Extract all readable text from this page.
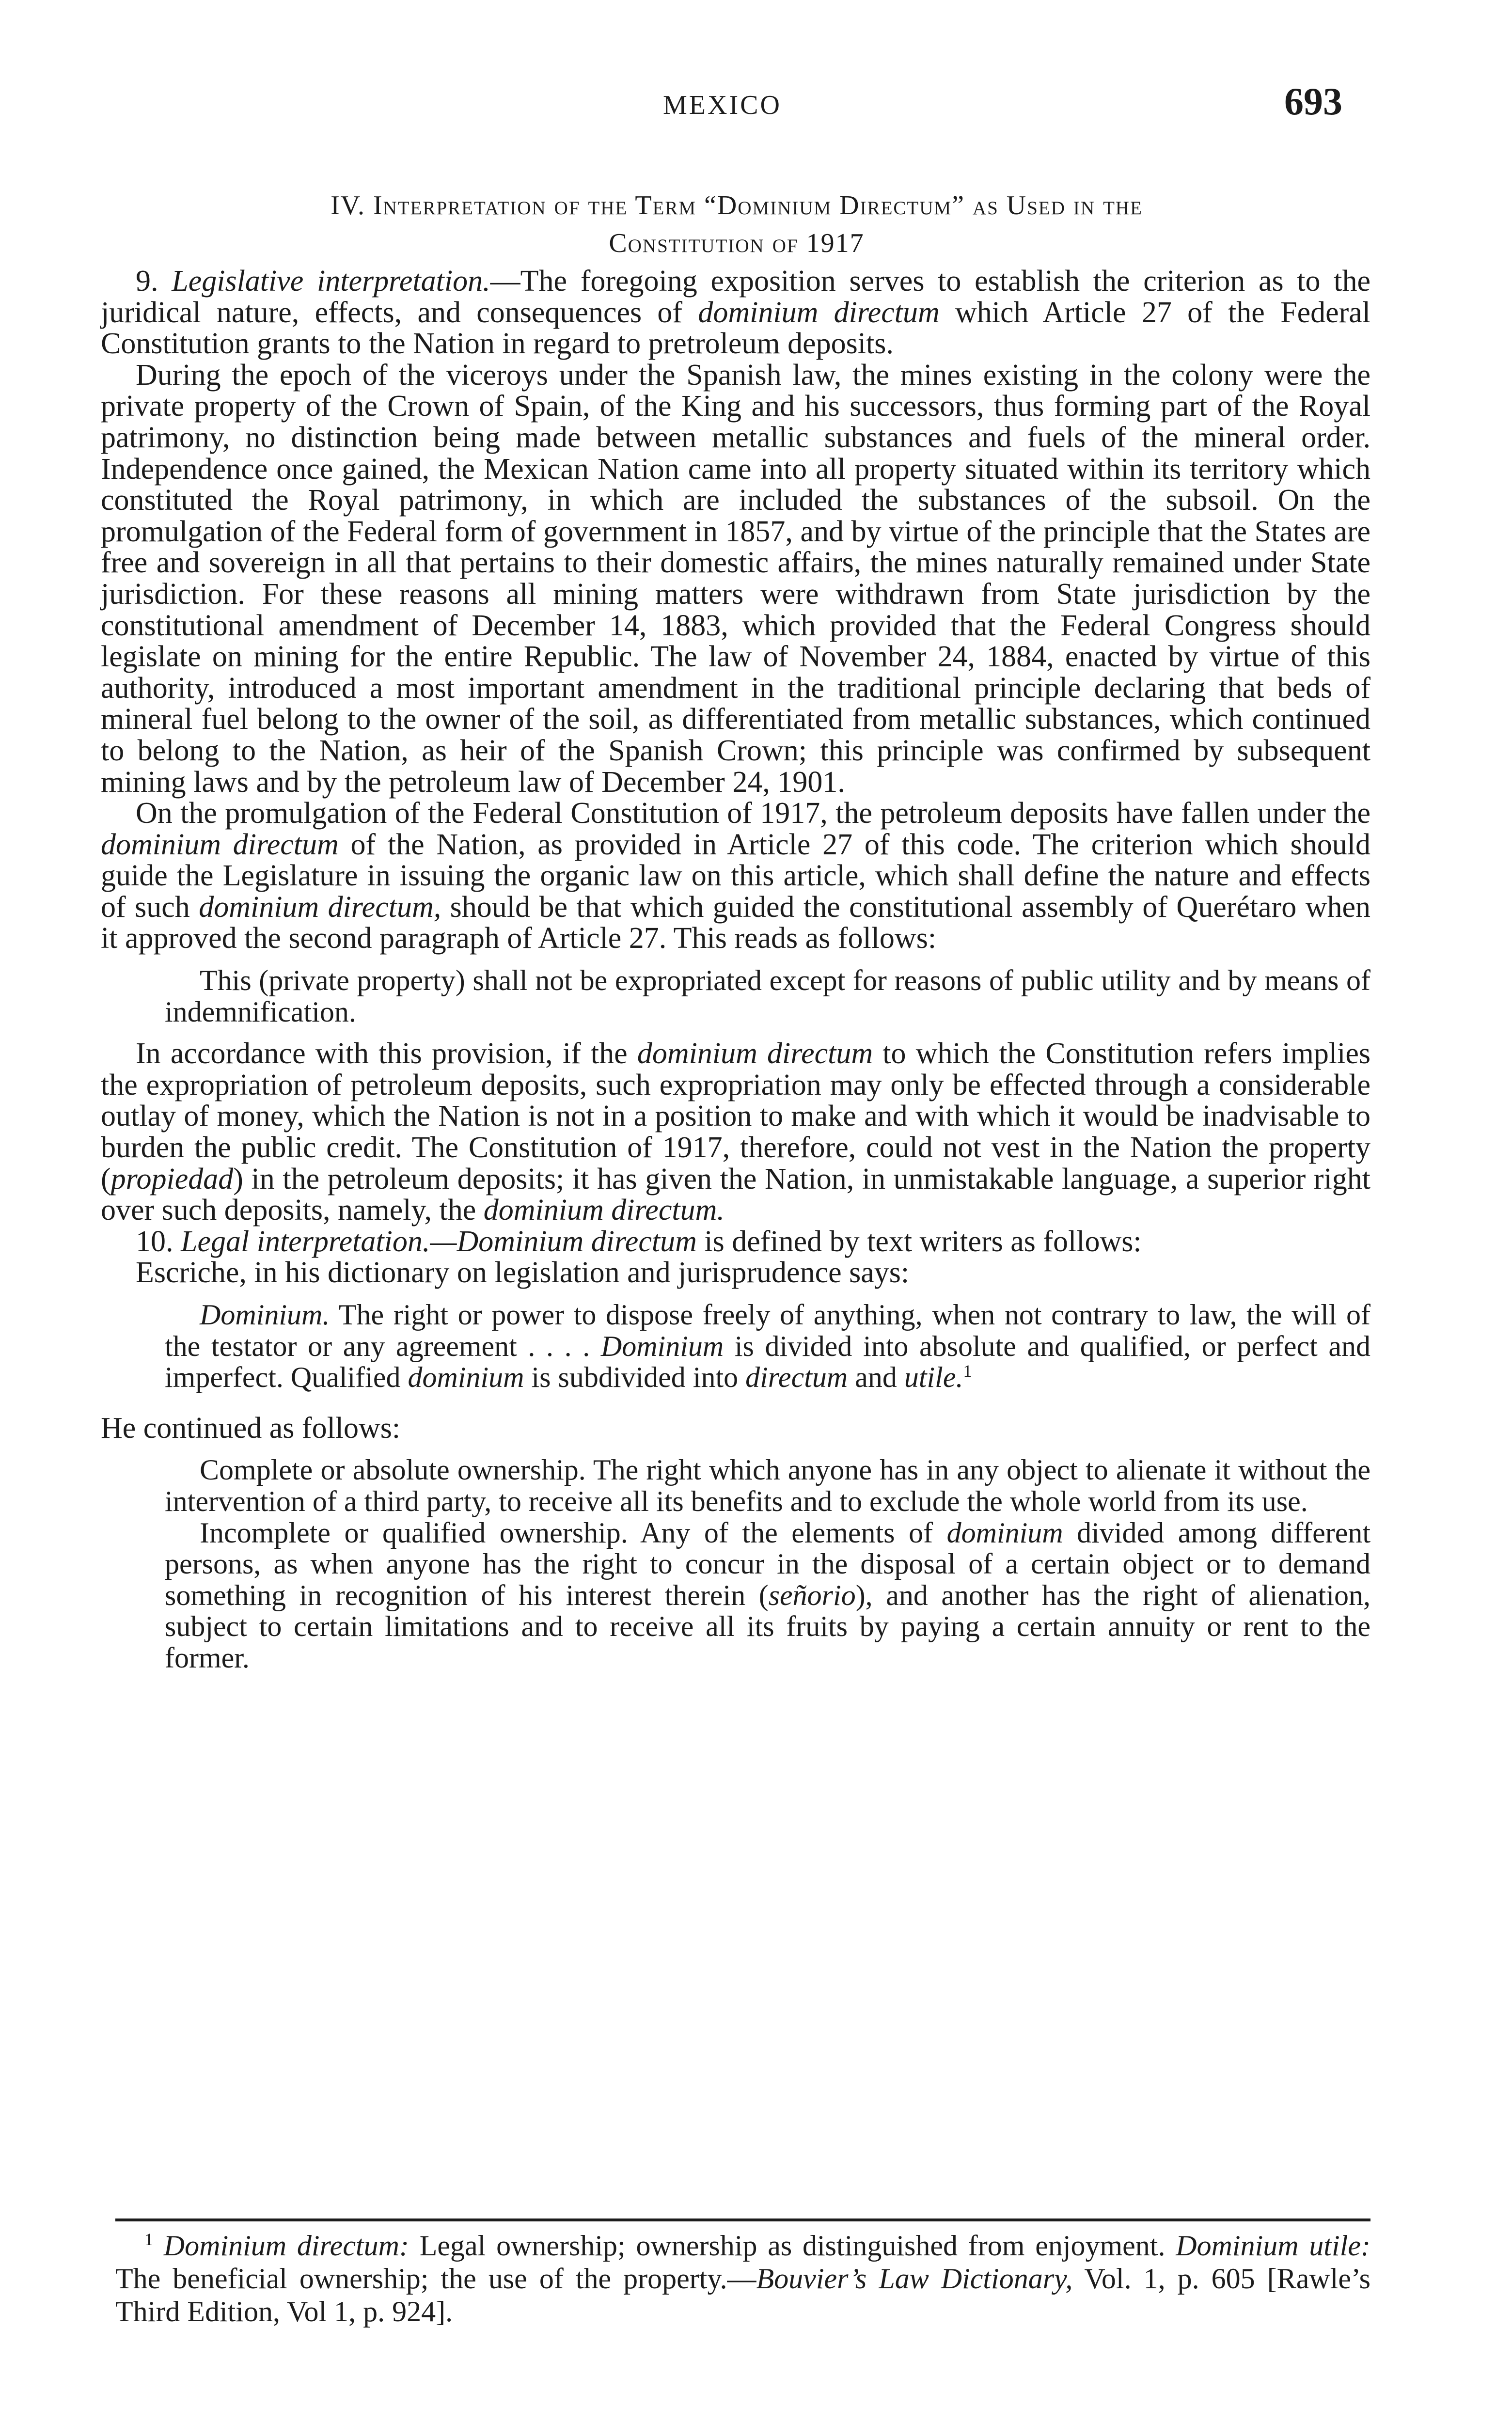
MEXICO	693
IV. Interpretation of the Term “Dominium Directum” as Used in the
Constitution of 1917

9. Legislative interpretation.—The foregoing exposition serves to establish the criterion as to the juridical nature, effects, and consequences of dominium directum which Article 27 of the Federal Constitution grants to the Nation in regard to pretroleum deposits.

During the epoch of the viceroys under the Spanish law, the mines existing in the colony were the private property of the Crown of Spain, of the King and his successors, thus forming part of the Royal patrimony, no distinction being made between metallic substances and fuels of the mineral order. Independence once gained, the Mexican Nation came into all property situated within its territory which constituted the Royal patrimony, in which are included the substances of the subsoil. On the promulgation of the Federal form of government in 1857, and by virtue of the principle that the States are free and sovereign in all that pertains to their domestic affairs, the mines naturally remained under State jurisdiction. For these reasons all mining matters were withdrawn from State jurisdiction by the constitutional amendment of December 14, 1883, which provided that the Federal Congress should legislate on mining for the entire Republic. The law of November 24, 1884, enacted by virtue of this authority, introduced a most important amendment in the traditional principle declaring that beds of mineral fuel belong to the owner of the soil, as differentiated from metallic substances, which continued to belong to the Nation, as heir of the Spanish Crown; this principle was confirmed by subsequent mining laws and by the petroleum law of December 24, 1901.

On the promulgation of the Federal Constitution of 1917, the petroleum deposits have fallen under the dominium directum of the Nation, as provided in Article 27 of this code. The criterion which should guide the Legislature in issuing the organic law on this article, which shall define the nature and effects of such dominium directum, should be that which guided the constitutional assembly of Querétaro when it approved the second paragraph of Article 27. This reads as follows:

This (private property) shall not be expropriated except for reasons of public utility and by means of indemnification.

In accordance with this provision, if the dominium directum to which the Constitution refers implies the expropriation of petroleum deposits, such expropriation may only be effected through a considerable outlay of money, which the Nation is not in a position to make and with which it would be inadvisable to burden the public credit. The Constitution of 1917, therefore, could not vest in the Nation the property (propiedad) in the petroleum deposits; it has given the Nation, in unmistakable language, a superior right over such deposits, namely, the dominium directum.

10. Legal interpretation.—Dominium directum is defined by text writers as follows:

Escriche, in his dictionary on legislation and jurisprudence says:

Dominium. The right or power to dispose freely of anything, when not contrary to law, the will of the testator or any agreement . . . . Dominium is divided into absolute and qualified, or perfect and imperfect. Qualified dominium is subdivided into directum and utile.$^1$

He continued as follows:

Complete or absolute ownership. The right which anyone has in any object to alienate it without the intervention of a third party, to receive all its benefits and to exclude the whole world from its use.

Incomplete or qualified ownership. Any of the elements of dominium divided among different persons, as when anyone has the right to concur in the disposal of a certain object or to demand something in recognition of his interest therein (señorio), and another has the right of alienation, subject to certain limitations and to receive all its fruits by paying a certain annuity or rent to the former.

$^1$ Dominium directum: Legal ownership; ownership as distinguished from enjoyment. Dominium utile: The beneficial ownership; the use of the property.—Bouvier’s Law Dictionary, Vol. 1, p. 605 [Rawle’s Third Edition, Vol 1, p. 924].
